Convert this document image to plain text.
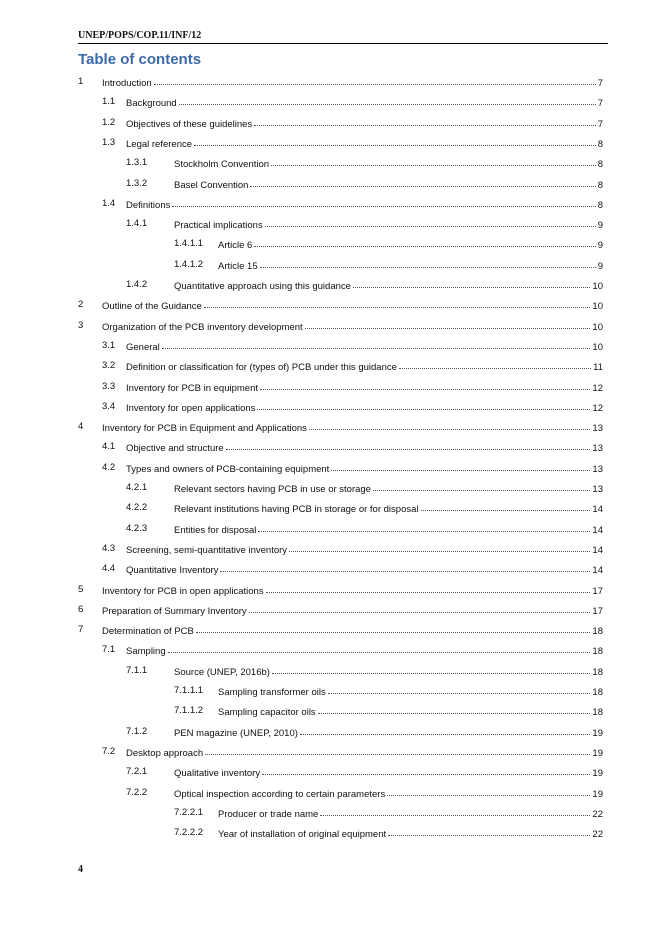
UNEP/POPS/COP.11/INF/12
Table of contents
1 Introduction	7
1.1 Background	7
1.2 Objectives of these guidelines	7
1.3 Legal reference	8
1.3.1	Stockholm Convention	8
1.3.2	Basel Convention	8
1.4 Definitions	8
1.4.1	Practical implications	9
1.4.1.1 Article 6	9
1.4.1.2 Article 15	9
1.4.2	Quantitative approach using this guidance	10
2 Outline of the Guidance	10
3 Organization of the PCB inventory development	10
3.1 General	10
3.2 Definition or classification for (types of) PCB under this guidance	11
3.3 Inventory for PCB in equipment	12
3.4 Inventory for open applications	12
4 Inventory for PCB in Equipment and Applications	13
4.1 Objective and structure	13
4.2 Types and owners of PCB-containing equipment	13
4.2.1	Relevant sectors having PCB in use or storage	13
4.2.2	Relevant institutions having PCB in storage or for disposal	14
4.2.3	Entities for disposal	14
4.3 Screening, semi-quantitative inventory	14
4.4 Quantitative Inventory	14
5 Inventory for PCB in open applications	17
6 Preparation of Summary Inventory	17
7 Determination of PCB	18
7.1 Sampling	18
7.1.1	Source (UNEP, 2016b)	18
7.1.1.1 Sampling transformer oils	18
7.1.1.2 Sampling capacitor oils	18
7.1.2	PEN magazine (UNEP, 2010)	19
7.2 Desktop approach	19
7.2.1	Qualitative inventory	19
7.2.2	Optical inspection according to certain parameters	19
7.2.2.1 Producer or trade name	22
7.2.2.2 Year of installation of original equipment	22
4
